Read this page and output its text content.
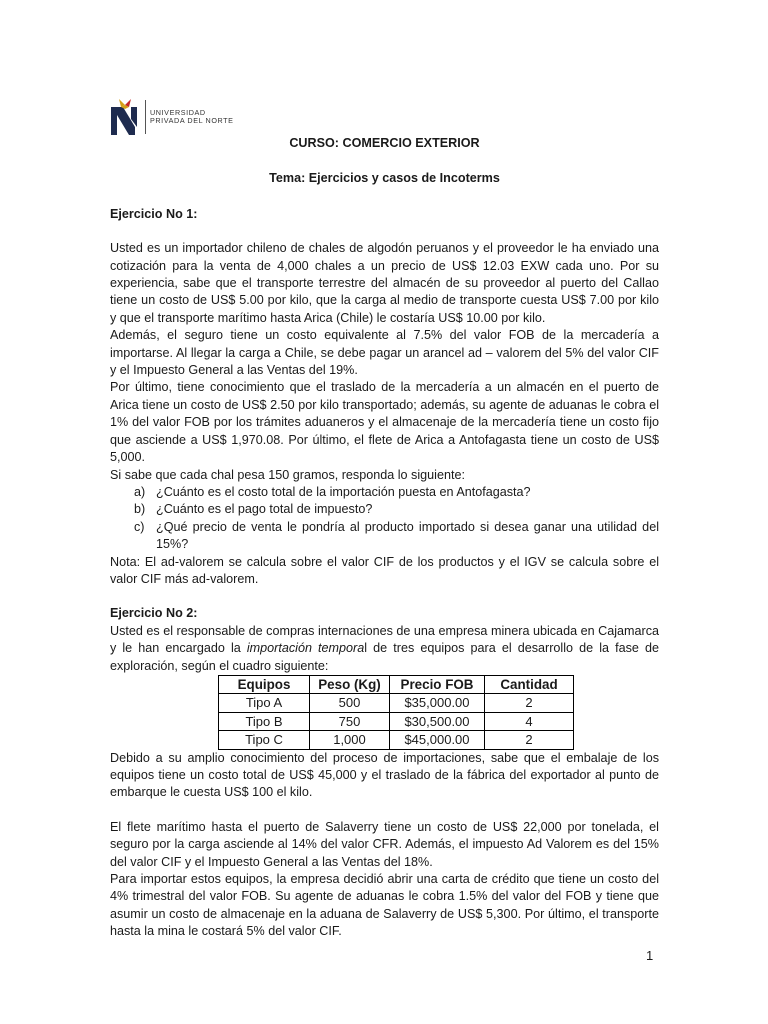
UNIVERSIDAD
PRIVADA DEL NORTE

CURSO: COMERCIO EXTERIOR

Tema: Ejercicios y casos de Incoterms

Ejercicio No 1:

Usted es un importador chileno de chales de algodón peruanos y el proveedor le ha enviado una cotización para la venta de 4,000 chales a un precio de US$ 12.03 EXW cada uno. Por su experiencia, sabe que el transporte terrestre del almacén de su proveedor al puerto del Callao tiene un costo de US$ 5.00 por kilo, que la carga al medio de transporte cuesta US$ 7.00 por kilo y que el transporte marítimo hasta Arica (Chile) le costaría US$ 10.00 por kilo.

Además, el seguro tiene un costo equivalente al 7.5% del valor FOB de la mercadería a importarse. Al llegar la carga a Chile, se debe pagar un arancel ad – valorem del 5% del valor CIF y el Impuesto General a las Ventas del 19%.

Por último, tiene conocimiento que el traslado de la mercadería a un almacén en el puerto de Arica tiene un costo de US$ 2.50 por kilo transportado; además, su agente de aduanas le cobra el 1% del valor FOB por los trámites aduaneros y el almacenaje de la mercadería tiene un costo fijo que asciende a US$ 1,970.08. Por último, el flete de Arica a Antofagasta tiene un costo de US$ 5,000.

Si sabe que cada chal pesa 150 gramos, responda lo siguiente:

a) ¿Cuánto es el costo total de la importación puesta en Antofagasta?
b) ¿Cuánto es el pago total de impuesto?
c) ¿Qué precio de venta le pondría al producto importado si desea ganar una utilidad del 15%?

Nota: El ad-valorem se calcula sobre el valor CIF de los productos y el IGV se calcula sobre el valor CIF más ad-valorem.

Ejercicio No 2:

Usted es el responsable de compras internaciones de una empresa minera ubicada en Cajamarca y le han encargado la importación temporal de tres equipos para el desarrollo de la fase de exploración, según el cuadro siguiente:

Equipos	Peso (Kg)	Precio FOB	Cantidad
Tipo A	500	$35,000.00	2
Tipo B	750	$30,500.00	4
Tipo C	1,000	$45,000.00	2

Debido a su amplio conocimiento del proceso de importaciones, sabe que el embalaje de los equipos tiene un costo total de US$ 45,000 y el traslado de la fábrica del exportador al punto de embarque le cuesta US$ 100 el kilo.

El flete marítimo hasta el puerto de Salaverry tiene un costo de US$ 22,000 por tonelada, el seguro por la carga asciende al 14% del valor CFR. Además, el impuesto Ad Valorem es del 15% del valor CIF y el Impuesto General a las Ventas del 18%.

Para importar estos equipos, la empresa decidió abrir una carta de crédito que tiene un costo del 4% trimestral del valor FOB. Su agente de aduanas le cobra 1.5% del valor del FOB y tiene que asumir un costo de almacenaje en la aduana de Salaverry de US$ 5,300. Por último, el transporte hasta la mina le costará 5% del valor CIF.

1
